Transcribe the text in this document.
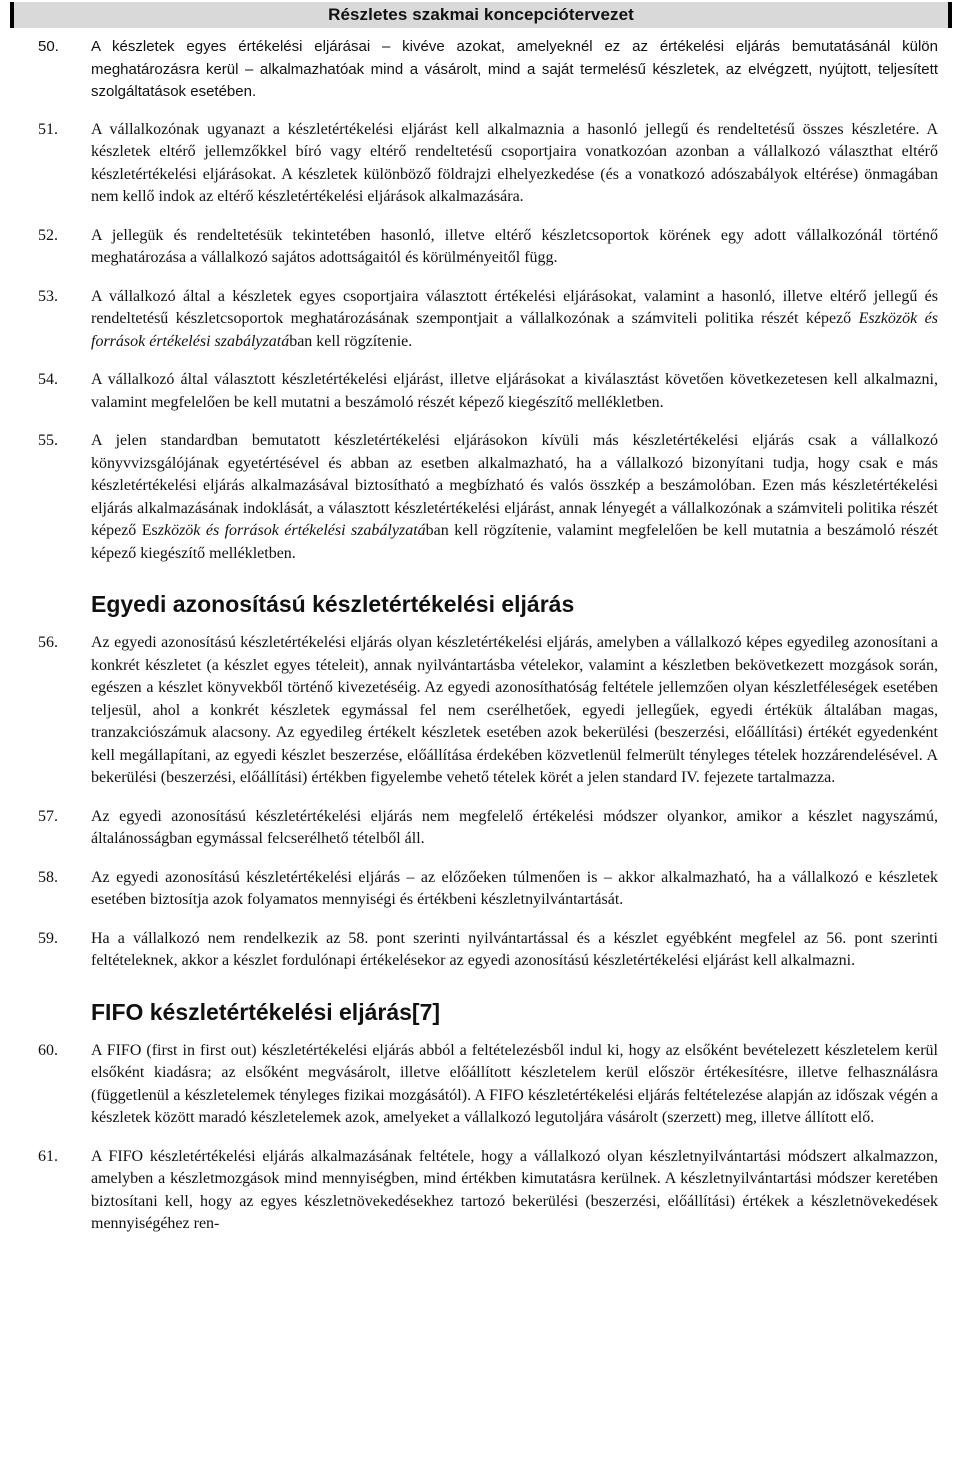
Részletes szakmai koncepciótervezet
50.	A készletek egyes értékelési eljárásai – kivéve azokat, amelyeknél ez az értékelési eljárás bemutatásánál külön meghatározásra kerül – alkalmazhatóak mind a vásárolt, mind a saját termelésű készletek, az elvégzett, nyújtott, teljesített szolgáltatások esetében.
51.	A vállalkozónak ugyanazt a készletértékelési eljárást kell alkalmaznia a hasonló jellegű és rendeltetésű összes készletére. A készletek eltérő jellemzőkkel bíró vagy eltérő rendeltetésű csoportjaira vonatkozóan azonban a vállalkozó választhat eltérő készletértékelési eljárásokat. A készletek különböző földrajzi elhelyezkedése (és a vonatkozó adószabályok eltérése) önmagában nem kellő indok az eltérő készletértékelési eljárások alkalmazására.
52.	A jellegük és rendeltetésük tekintetében hasonló, illetve eltérő készletcsoportok körének egy adott vállalkozónál történő meghatározása a vállalkozó sajátos adottságaitól és körülményeitől függ.
53.	A vállalkozó által a készletek egyes csoportjaira választott értékelési eljárásokat, valamint a hasonló, illetve eltérő jellegű és rendeltetésű készletcsoportok meghatározásának szempontjait a vállalkozónak a számviteli politika részét képező Eszközök és források értékelési szabályzatában kell rögzítenie.
54.	A vállalkozó által választott készletértékelési eljárást, illetve eljárásokat a kiválasztást követően következetesen kell alkalmazni, valamint megfelelően be kell mutatni a beszámoló részét képező kiegészítő mellékletben.
55.	A jelen standardban bemutatott készletértékelési eljárásokon kívüli más készletértékelési eljárás csak a vállalkozó könyvvizsgálójának egyetértésével és abban az esetben alkalmazható, ha a vállalkozó bizonyítani tudja, hogy csak e más készletértékelési eljárás alkalmazásával biztosítható a megbízható és valós összkép a beszámolóban. Ezen más készletértékelési eljárás alkalmazásának indoklását, a választott készletértékelési eljárást, annak lényegét a vállalkozónak a számviteli politika részét képező Eszközök és források értékelési szabályzatában kell rögzítenie, valamint megfelelően be kell mutatnia a beszámoló részét képező kiegészítő mellékletben.
Egyedi azonosítású készletértékelési eljárás
56.	Az egyedi azonosítású készletértékelési eljárás olyan készletértékelési eljárás, amelyben a vállalkozó képes egyedileg azonosítani a konkrét készletet (a készlet egyes tételeit), annak nyilvántartásba vételekor, valamint a készletben bekövetkezett mozgások során, egészen a készlet könyvekből történő kivezetéséig. Az egyedi azonosíthatóság feltétele jellemzően olyan készletféleségek esetében teljesül, ahol a konkrét készletek egymással fel nem cserélhetőek, egyedi jellegűek, egyedi értékük általában magas, tranzakciószámuk alacsony. Az egyedileg értékelt készletek esetében azok bekerülési (beszerzési, előállítási) értékét egyedenként kell megállapítani, az egyedi készlet beszerzése, előállítása érdekében közvetlenül felmerült tényleges tételek hozzárendelésével. A bekerülési (beszerzési, előállítási) értékben figyelembe vehető tételek körét a jelen standard IV. fejezete tartalmazza.
57.	Az egyedi azonosítású készletértékelési eljárás nem megfelelő értékelési módszer olyankor, amikor a készlet nagyszámú, általánosságban egymással felcserélhető tételből áll.
58.	Az egyedi azonosítású készletértékelési eljárás – az előzőeken túlmenően is – akkor alkalmazható, ha a vállalkozó e készletek esetében biztosítja azok folyamatos mennyiségi és értékbeni készletnyilvántartását.
59.	Ha a vállalkozó nem rendelkezik az 58. pont szerinti nyilvántartással és a készlet egyébként megfelel az 56. pont szerinti feltételeknek, akkor a készlet fordulónapi értékelésekor az egyedi azonosítású készletértékelési eljárást kell alkalmazni.
FIFO készletértékelési eljárás[7]
60.	A FIFO (first in first out) készletértékelési eljárás abból a feltételezésből indul ki, hogy az elsőként bevételezett készletelem kerül elsőként kiadásra; az elsőként megvásárolt, illetve előállított készletelem kerül először értékesítésre, illetve felhasználásra (függetlenül a készletelemek tényleges fizikai mozgásától). A FIFO készletértékelési eljárás feltételezése alapján az időszak végén a készletek között maradó készletelemek azok, amelyeket a vállalkozó legutoljára vásárolt (szerzett) meg, illetve állított elő.
61.	A FIFO készletértékelési eljárás alkalmazásának feltétele, hogy a vállalkozó olyan készletnyilvántartási módszert alkalmazzon, amelyben a készletmozgások mind mennyiségben, mind értékben kimutatásra kerülnek. A készletnyilvántartási módszer keretében biztosítani kell, hogy az egyes készletnövekedésekhez tartozó bekerülési (beszerzési, előállítási) értékek a készletnövekedések mennyiségéhez ren-
